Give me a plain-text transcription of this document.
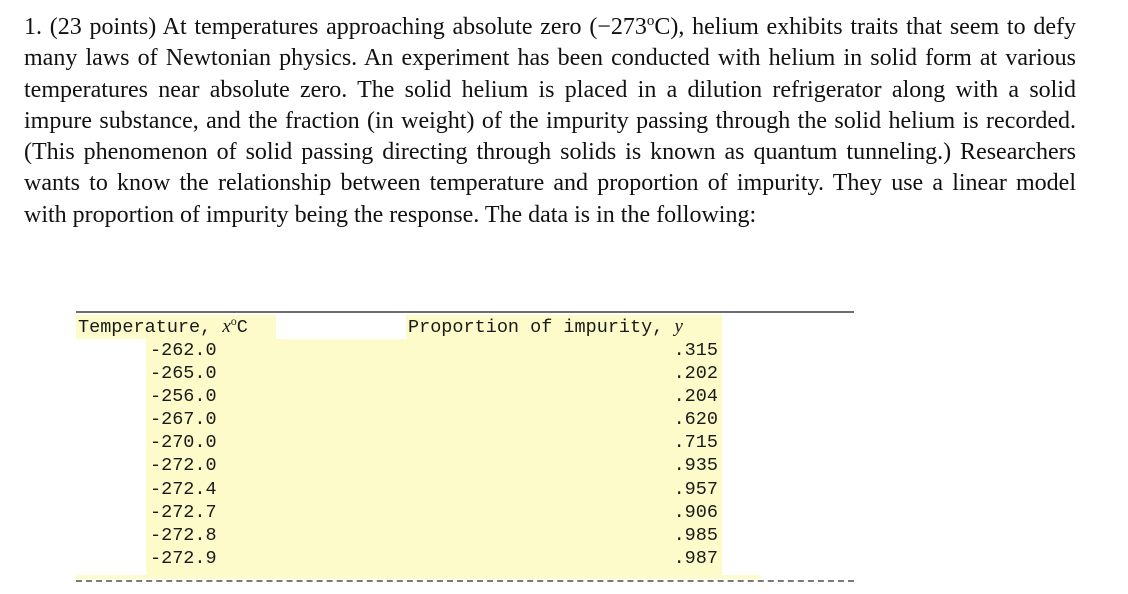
1. (23 points) At temperatures approaching absolute zero $(-273^oC)$, helium exhibits traits that seem to defy many laws of Newtonian physics. An experiment has been conducted with helium in solid form at various temperatures near absolute zero. The solid helium is placed in a dilution refrigerator along with a solid impure substance, and the fraction (in weight) of the impurity passing through the solid helium is recorded. (This phenomenon of solid passing directing through solids is known as quantum tunneling.) Researchers wants to know the relationship between temperature and proportion of impurity. They use a linear model with proportion of impurity being the response. The data is in the following:
Temperature, $x^oC$	Proportion of impurity, y
-262.0	.315
-265.0	.202
-256.0	.204
-267.0	.620
-270.0	.715
-272.0	.935
-272.4	.957
-272.7	.906
-272.8	.985
-272.9	.987
